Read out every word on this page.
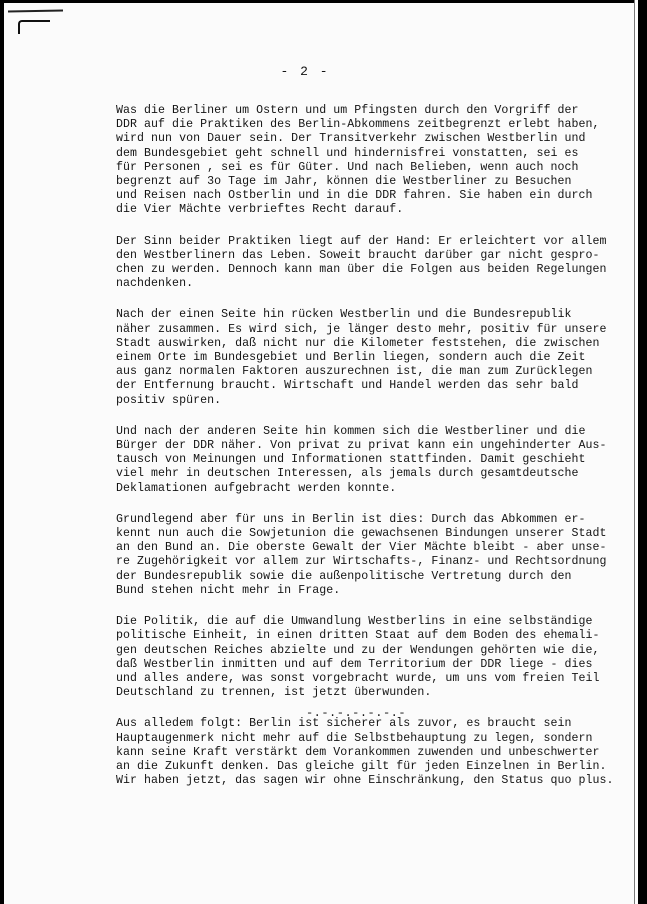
- 2 -
Was die Berliner um Ostern und um Pfingsten durch den Vorgriff der
DDR auf die Praktiken des Berlin-Abkommens zeitbegrenzt erlebt haben,
wird nun von Dauer sein. Der Transitverkehr zwischen Westberlin und
dem Bundesgebiet geht schnell und hindernisfrei vonstatten, sei es
für Personen , sei es für Güter. Und nach Belieben, wenn auch noch
begrenzt auf 3o Tage im Jahr, können die Westberliner zu Besuchen
und Reisen nach Ostberlin und in die DDR fahren. Sie haben ein durch
die Vier Mächte verbrieftes Recht darauf.
Der Sinn beider Praktiken liegt auf der Hand: Er erleichtert vor allem
den Westberlinern das Leben. Soweit braucht darüber gar nicht gespro-
chen zu werden. Dennoch kann man über die Folgen aus beiden Regelungen
nachdenken.
Nach der einen Seite hin rücken Westberlin und die Bundesrepublik
näher zusammen. Es wird sich, je länger desto mehr, positiv für unsere
Stadt auswirken, daß nicht nur die Kilometer feststehen, die zwischen
einem Orte im Bundesgebiet und Berlin liegen, sondern auch die Zeit
aus ganz normalen Faktoren auszurechnen ist, die man zum Zurücklegen
der Entfernung braucht. Wirtschaft und Handel werden das sehr bald
positiv spüren.
Und nach der anderen Seite hin kommen sich die Westberliner und die
Bürger der DDR näher. Von privat zu privat kann ein ungehinderter Aus-
tausch von Meinungen und Informationen stattfinden. Damit geschieht
viel mehr in deutschen Interessen, als jemals durch gesamtdeutsche
Deklamationen aufgebracht werden konnte.
Grundlegend aber für uns in Berlin ist dies: Durch das Abkommen er-
kennt nun auch die Sowjetunion die gewachsenen Bindungen unserer Stadt
an den Bund an. Die oberste Gewalt der Vier Mächte bleibt - aber unse-
re Zugehörigkeit vor allem zur Wirtschafts-, Finanz- und Rechtsordnung
der Bundesrepublik sowie die außenpolitische Vertretung durch den
Bund stehen nicht mehr in Frage.
Die Politik, die auf die Umwandlung Westberlins in eine selbständige
politische Einheit, in einen dritten Staat auf dem Boden des ehemali-
gen deutschen Reiches abzielte und zu der Wendungen gehörten wie die,
daß Westberlin inmitten und auf dem Territorium der DDR liege - dies
und alles andere, was sonst vorgebracht wurde, um uns vom freien Teil
Deutschland zu trennen, ist jetzt überwunden.
Aus alledem folgt: Berlin ist sicherer als zuvor, es braucht sein
Hauptaugenmerk nicht mehr auf die Selbstbehauptung zu legen, sondern
kann seine Kraft verstärkt dem Vorankommen zuwenden und unbeschwerter
an die Zukunft denken. Das gleiche gilt für jeden Einzelnen in Berlin.
Wir haben jetzt, das sagen wir ohne Einschränkung, den Status quo plus.
-.-.-.-.-.-.-
